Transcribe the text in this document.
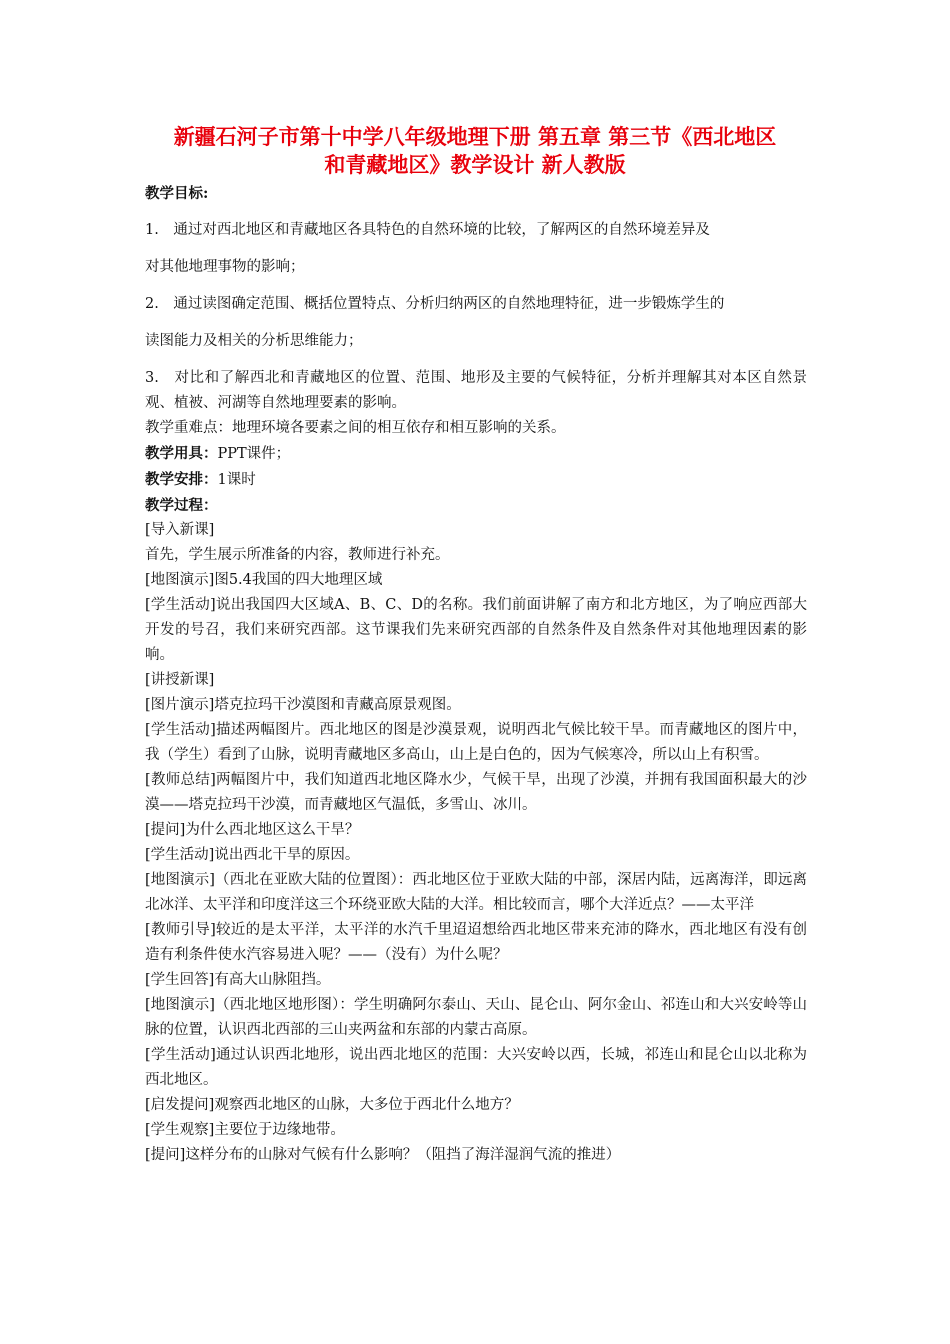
新疆石河子市第十中学八年级地理下册 第五章 第三节《西北地区
和青藏地区》教学设计 新人教版

教学目标:

1.　通过对西北地区和青藏地区各具特色的自然环境的比较，了解两区的自然环境差异及

对其他地理事物的影响；

2.　通过读图确定范围、概括位置特点、分析归纳两区的自然地理特征，进一步锻炼学生的

读图能力及相关的分析思维能力；

3.　对比和了解西北和青藏地区的位置、范围、地形及主要的气候特征，分析并理解其对本区自然景观、植被、河湖等自然地理要素的影响。

教学重难点：地理环境各要素之间的相互依存和相互影响的关系。

教学用具：PPT课件；

教学安排：1课时

教学过程：

[导入新课]

首先，学生展示所准备的内容，教师进行补充。

[地图演示]图5.4我国的四大地理区域

[学生活动]说出我国四大区域A、B、C、D的名称。我们前面讲解了南方和北方地区，为了响应西部大开发的号召，我们来研究西部。这节课我们先来研究西部的自然条件及自然条件对其他地理因素的影响。

[讲授新课]

[图片演示]塔克拉玛干沙漠图和青藏高原景观图。

[学生活动]描述两幅图片。西北地区的图是沙漠景观，说明西北气候比较干旱。而青藏地区的图片中，我（学生）看到了山脉，说明青藏地区多高山，山上是白色的，因为气候寒冷，所以山上有积雪。

[教师总结]两幅图片中，我们知道西北地区降水少，气候干旱，出现了沙漠，并拥有我国面积最大的沙漠——塔克拉玛干沙漠，而青藏地区气温低，多雪山、冰川。

[提问]为什么西北地区这么干旱？

[学生活动]说出西北干旱的原因。

[地图演示]（西北在亚欧大陆的位置图）：西北地区位于亚欧大陆的中部，深居内陆，远离海洋，即远离北冰洋、太平洋和印度洋这三个环绕亚欧大陆的大洋。相比较而言，哪个大洋近点？——太平洋

[教师引导]较近的是太平洋，太平洋的水汽千里迢迢想给西北地区带来充沛的降水，西北地区有没有创造有利条件使水汽容易进入呢？——（没有）为什么呢？

[学生回答]有高大山脉阻挡。

[地图演示]（西北地区地形图）：学生明确阿尔泰山、天山、昆仑山、阿尔金山、祁连山和大兴安岭等山脉的位置，认识西北西部的三山夹两盆和东部的内蒙古高原。

[学生活动]通过认识西北地形，说出西北地区的范围：大兴安岭以西，长城，祁连山和昆仑山以北称为西北地区。

[启发提问]观察西北地区的山脉，大多位于西北什么地方？

[学生观察]主要位于边缘地带。

[提问]这样分布的山脉对气候有什么影响？（阻挡了海洋湿润气流的推进）
